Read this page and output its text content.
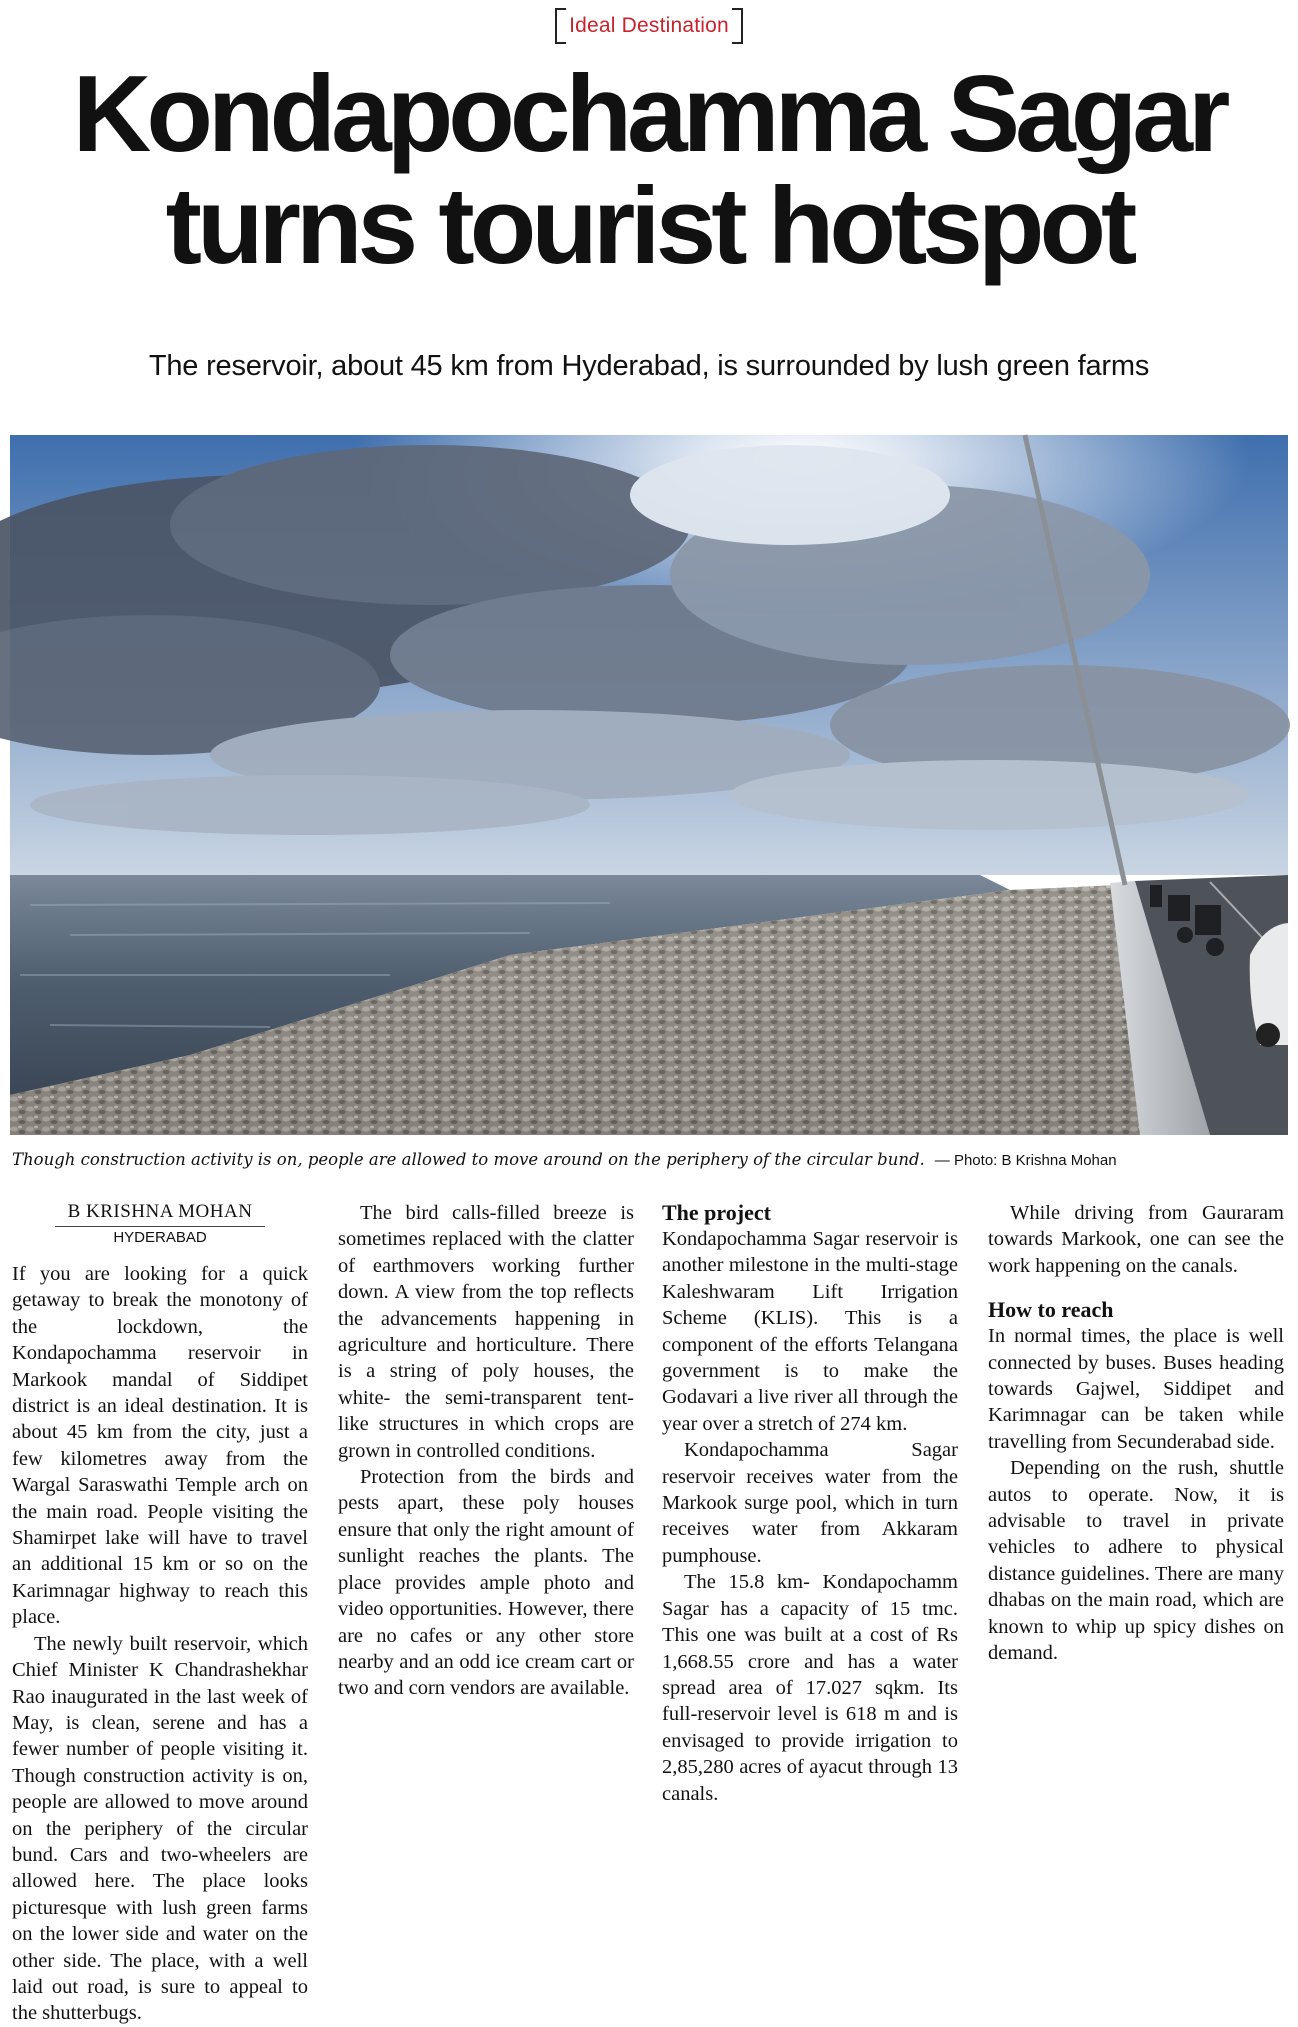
Ideal Destination
Kondapochamma Sagar
turns tourist hotspot
The reservoir, about 45 km from Hyderabad, is surrounded by lush green farms
Though construction activity is on, people are allowed to move around on the periphery of the circular bund. — Photo: B Krishna Mohan
B KRISHNA MOHAN
HYDERABAD

If you are looking for a quick getaway to break the monotony of the lockdown, the Kondapochamma reservoir in Markook mandal of Siddipet district is an ideal destination. It is about 45 km from the city, just a few kilometres away from the Wargal Saraswathi Temple arch on the main road. People visiting the Shamirpet lake will have to travel an additional 15 km or so on the Karimnagar highway to reach this place.

The newly built reservoir, which Chief Minister K Chandrashekhar Rao inaugurated in the last week of May, is clean, serene and has a fewer number of people visiting it. Though construction activity is on, people are allowed to move around on the periphery of the circular bund. Cars and two-wheelers are allowed here. The place looks picturesque with lush green farms on the lower side and water on the other side. The place, with a well laid out road, is sure to appeal to the shutterbugs.

The bird calls-filled breeze is sometimes replaced with the clatter of earthmovers working further down. A view from the top reflects the advancements happening in agriculture and horticulture. There is a string of poly houses, the white- the semi-transparent tent-like structures in which crops are grown in controlled conditions.

Protection from the birds and pests apart, these poly houses ensure that only the right amount of sunlight reaches the plants. The place provides ample photo and video opportunities. However, there are no cafes or any other store nearby and an odd ice cream cart or two and corn vendors are available.

The project

Kondapochamma Sagar reservoir is another milestone in the multi-stage Kaleshwaram Lift Irrigation Scheme (KLIS). This is a component of the efforts Telangana government is to make the Godavari a live river all through the year over a stretch of 274 km.

Kondapochamma Sagar reservoir receives water from the Markook surge pool, which in turn receives water from Akkaram pumphouse.

The 15.8 km- Kondapochamm Sagar has a capacity of 15 tmc. This one was built at a cost of Rs 1,668.55 crore and has a water spread area of 17.027 sqkm. Its full-reservoir level is 618 m and is envisaged to provide irrigation to 2,85,280 acres of ayacut through 13 canals.

While driving from Gauraram towards Markook, one can see the work happening on the canals.

How to reach

In normal times, the place is well connected by buses. Buses heading towards Gajwel, Siddipet and Karimnagar can be taken while travelling from Secunderabad side.

Depending on the rush, shuttle autos to operate. Now, it is advisable to travel in private vehicles to adhere to physical distance guidelines. There are many dhabas on the main road, which are known to whip up spicy dishes on demand.
